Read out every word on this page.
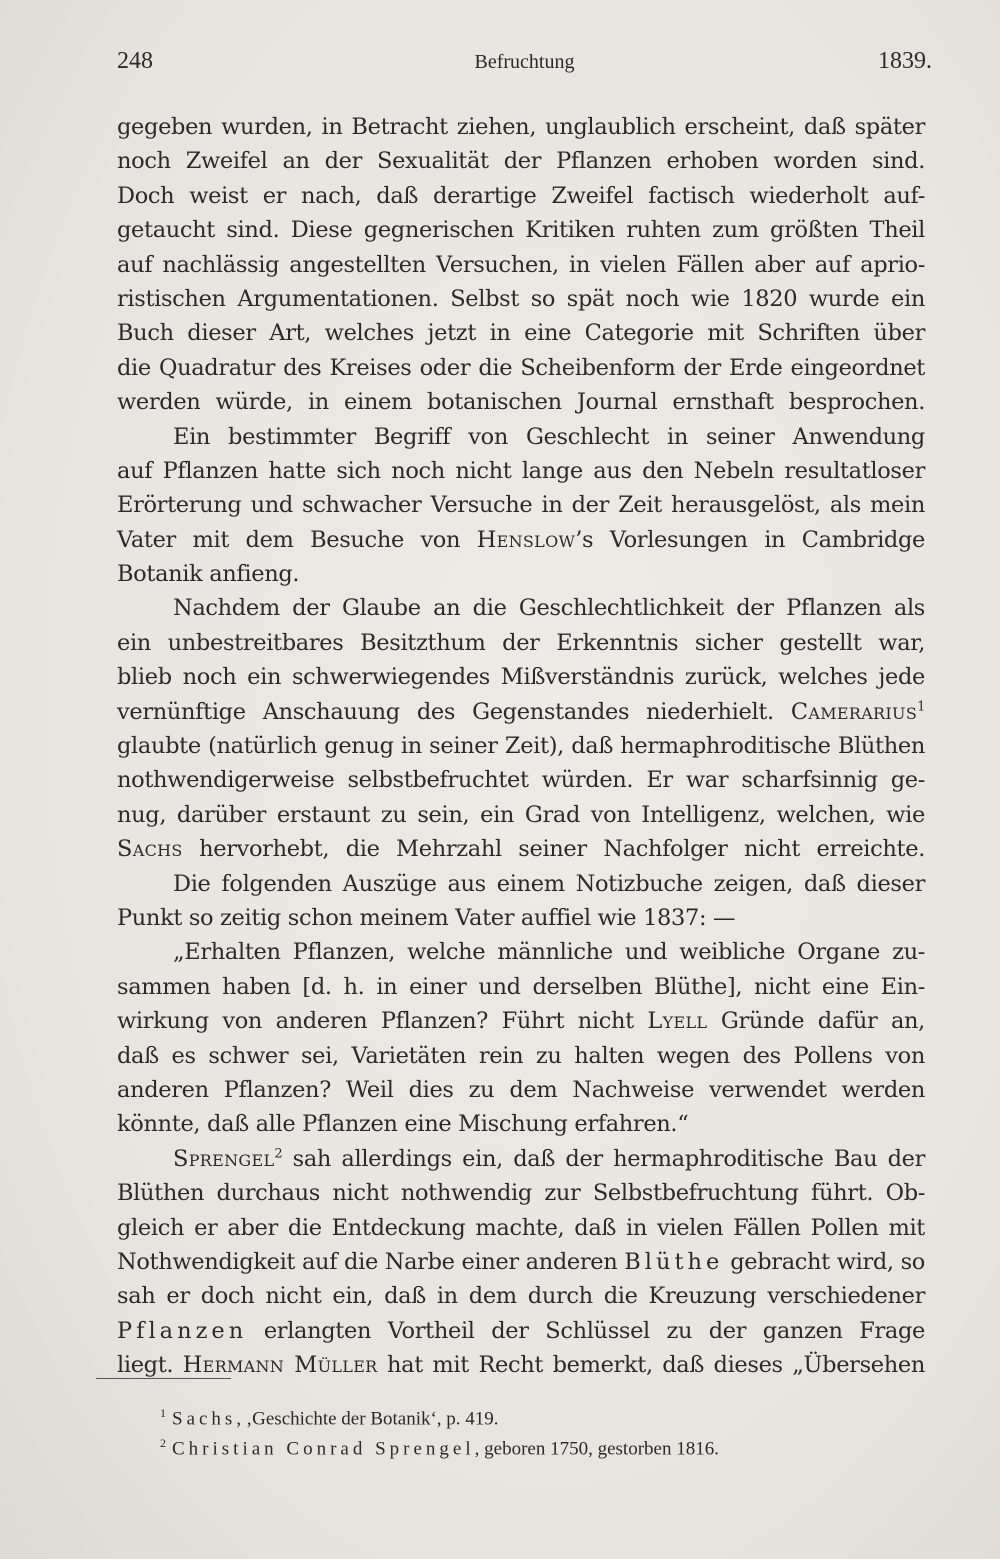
248	Befruchtung	1839.
gegeben wurden, in Betracht ziehen, unglaublich erscheint, daß später
noch Zweifel an der Sexualität der Pflanzen erhoben worden sind.
Doch weist er nach, daß derartige Zweifel factisch wiederholt auf-
getaucht sind. Diese gegnerischen Kritiken ruhten zum größten Theil
auf nachlässig angestellten Versuchen, in vielen Fällen aber auf aprio-
ristischen Argumentationen. Selbst so spät noch wie 1820 wurde ein
Buch dieser Art, welches jetzt in eine Categorie mit Schriften über
die Quadratur des Kreises oder die Scheibenform der Erde eingeordnet
werden würde, in einem botanischen Journal ernsthaft besprochen.
Ein bestimmter Begriff von Geschlecht in seiner Anwendung
auf Pflanzen hatte sich noch nicht lange aus den Nebeln resultatloser
Erörterung und schwacher Versuche in der Zeit herausgelöst, als mein
Vater mit dem Besuche von Henslow’s Vorlesungen in Cambridge
Botanik anfieng.
Nachdem der Glaube an die Geschlechtlichkeit der Pflanzen als
ein unbestreitbares Besitzthum der Erkenntnis sicher gestellt war,
blieb noch ein schwerwiegendes Mißverständnis zurück, welches jede
vernünftige Anschauung des Gegenstandes niederhielt. Camerarius$^1$
glaubte (natürlich genug in seiner Zeit), daß hermaphroditische Blüthen
nothwendigerweise selbstbefruchtet würden. Er war scharfsinnig ge-
nug, darüber erstaunt zu sein, ein Grad von Intelligenz, welchen, wie
Sachs hervorhebt, die Mehrzahl seiner Nachfolger nicht erreichte.
Die folgenden Auszüge aus einem Notizbuche zeigen, daß dieser
Punkt so zeitig schon meinem Vater auffiel wie 1837: —
„Erhalten Pflanzen, welche männliche und weibliche Organe zu-
sammen haben [d. h. in einer und derselben Blüthe], nicht eine Ein-
wirkung von anderen Pflanzen? Führt nicht Lyell Gründe dafür an,
daß es schwer sei, Varietäten rein zu halten wegen des Pollens von
anderen Pflanzen? Weil dies zu dem Nachweise verwendet werden
könnte, daß alle Pflanzen eine Mischung erfahren.“
Sprengel$^2$ sah allerdings ein, daß der hermaphroditische Bau der
Blüthen durchaus nicht nothwendig zur Selbstbefruchtung führt. Ob-
gleich er aber die Entdeckung machte, daß in vielen Fällen Pollen mit
Nothwendigkeit auf die Narbe einer anderen Blüthe gebracht wird, so
sah er doch nicht ein, daß in dem durch die Kreuzung verschiedener
Pflanzen erlangten Vortheil der Schlüssel zu der ganzen Frage
liegt. Hermann Müller hat mit Recht bemerkt, daß dieses „Übersehen
$^1$ Sachs, ‚Geschichte der Botanik‘, p. 419.
$^2$ Christian Conrad Sprengel, geboren 1750, gestorben 1816.
